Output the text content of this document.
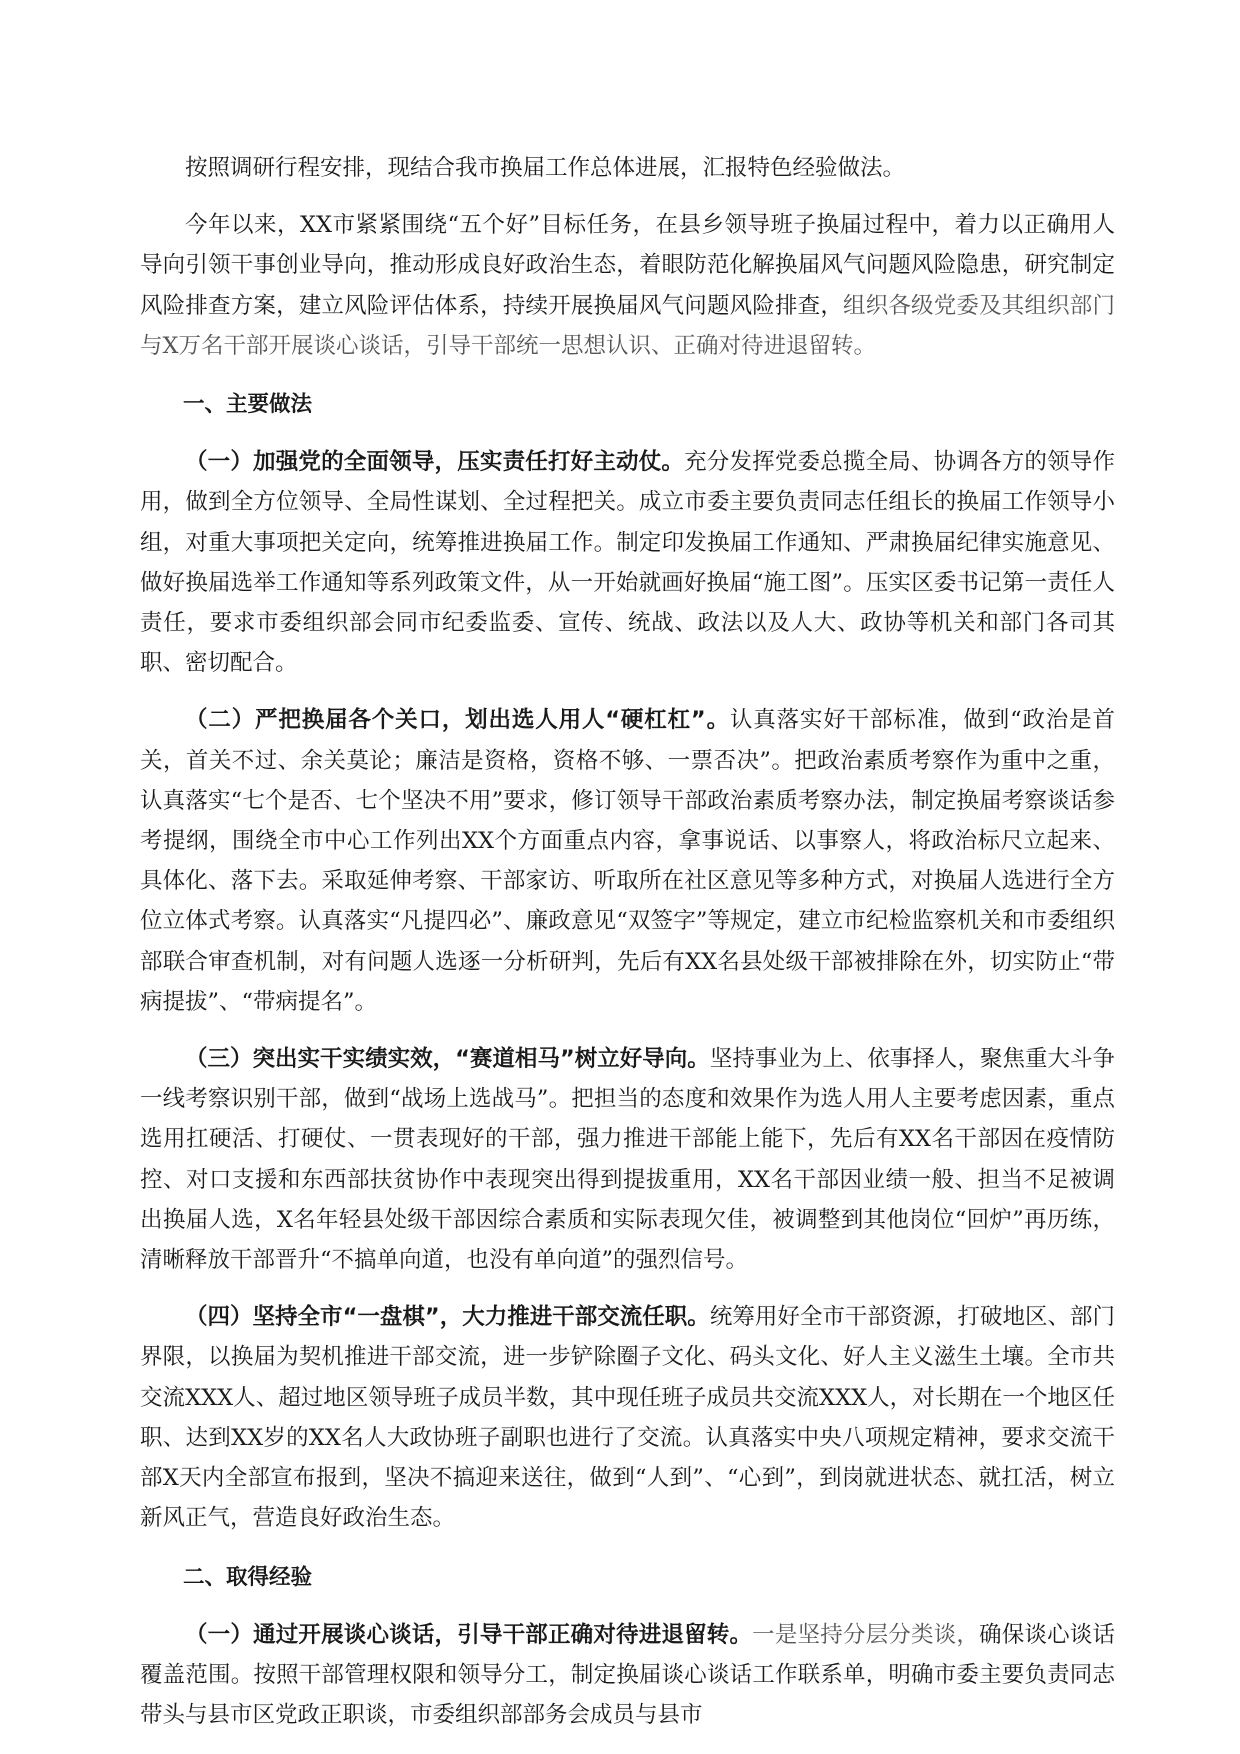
按照调研行程安排，现结合我市换届工作总体进展，汇报特色经验做法。

今年以来，XX市紧紧围绕“五个好”目标任务，在县乡领导班子换届过程中，着力以正确用人导向引领干事创业导向，推动形成良好政治生态，着眼防范化解换届风气问题风险隐患，研究制定风险排查方案，建立风险评估体系，持续开展换届风气问题风险排查，组织各级党委及其组织部门与X万名干部开展谈心谈话，引导干部统一思想认识、正确对待进退留转。

一、主要做法

（一）加强党的全面领导，压实责任打好主动仗。充分发挥党委总揽全局、协调各方的领导作用，做到全方位领导、全局性谋划、全过程把关。成立市委主要负责同志任组长的换届工作领导小组，对重大事项把关定向，统筹推进换届工作。制定印发换届工作通知、严肃换届纪律实施意见、做好换届选举工作通知等系列政策文件，从一开始就画好换届“施工图”。压实区委书记第一责任人责任，要求市委组织部会同市纪委监委、宣传、统战、政法以及人大、政协等机关和部门各司其职、密切配合。

（二）严把换届各个关口，划出选人用人“硬杠杠”。认真落实好干部标准，做到“政治是首关，首关不过、余关莫论；廉洁是资格，资格不够、一票否决”。把政治素质考察作为重中之重，认真落实“七个是否、七个坚决不用”要求，修订领导干部政治素质考察办法，制定换届考察谈话参考提纲，围绕全市中心工作列出XX个方面重点内容，拿事说话、以事察人，将政治标尺立起来、具体化、落下去。采取延伸考察、干部家访、听取所在社区意见等多种方式，对换届人选进行全方位立体式考察。认真落实“凡提四必”、廉政意见“双签字”等规定，建立市纪检监察机关和市委组织部联合审查机制，对有问题人选逐一分析研判，先后有XX名县处级干部被排除在外，切实防止“带病提拔”、“带病提名”。

（三）突出实干实绩实效，“赛道相马”树立好导向。坚持事业为上、依事择人，聚焦重大斗争一线考察识别干部，做到“战场上选战马”。把担当的态度和效果作为选人用人主要考虑因素，重点选用扛硬活、打硬仗、一贯表现好的干部，强力推进干部能上能下，先后有XX名干部因在疫情防控、对口支援和东西部扶贫协作中表现突出得到提拔重用，XX名干部因业绩一般、担当不足被调出换届人选，X名年轻县处级干部因综合素质和实际表现欠佳，被调整到其他岗位“回炉”再历练，清晰释放干部晋升“不搞单向道，也没有单向道”的强烈信号。

（四）坚持全市“一盘棋”，大力推进干部交流任职。统筹用好全市干部资源，打破地区、部门界限，以换届为契机推进干部交流，进一步铲除圈子文化、码头文化、好人主义滋生土壤。全市共交流XXX人、超过地区领导班子成员半数，其中现任班子成员共交流XXX人，对长期在一个地区任职、达到XX岁的XX名人大政协班子副职也进行了交流。认真落实中央八项规定精神，要求交流干部X天内全部宣布报到，坚决不搞迎来送往，做到“人到”、“心到”，到岗就进状态、就扛活，树立新风正气，营造良好政治生态。

二、取得经验

（一）通过开展谈心谈话，引导干部正确对待进退留转。一是坚持分层分类谈，确保谈心谈话覆盖范围。按照干部管理权限和领导分工，制定换届谈心谈话工作联系单，明确市委主要负责同志带头与县市区党政正职谈，市委组织部部务会成员与县市
